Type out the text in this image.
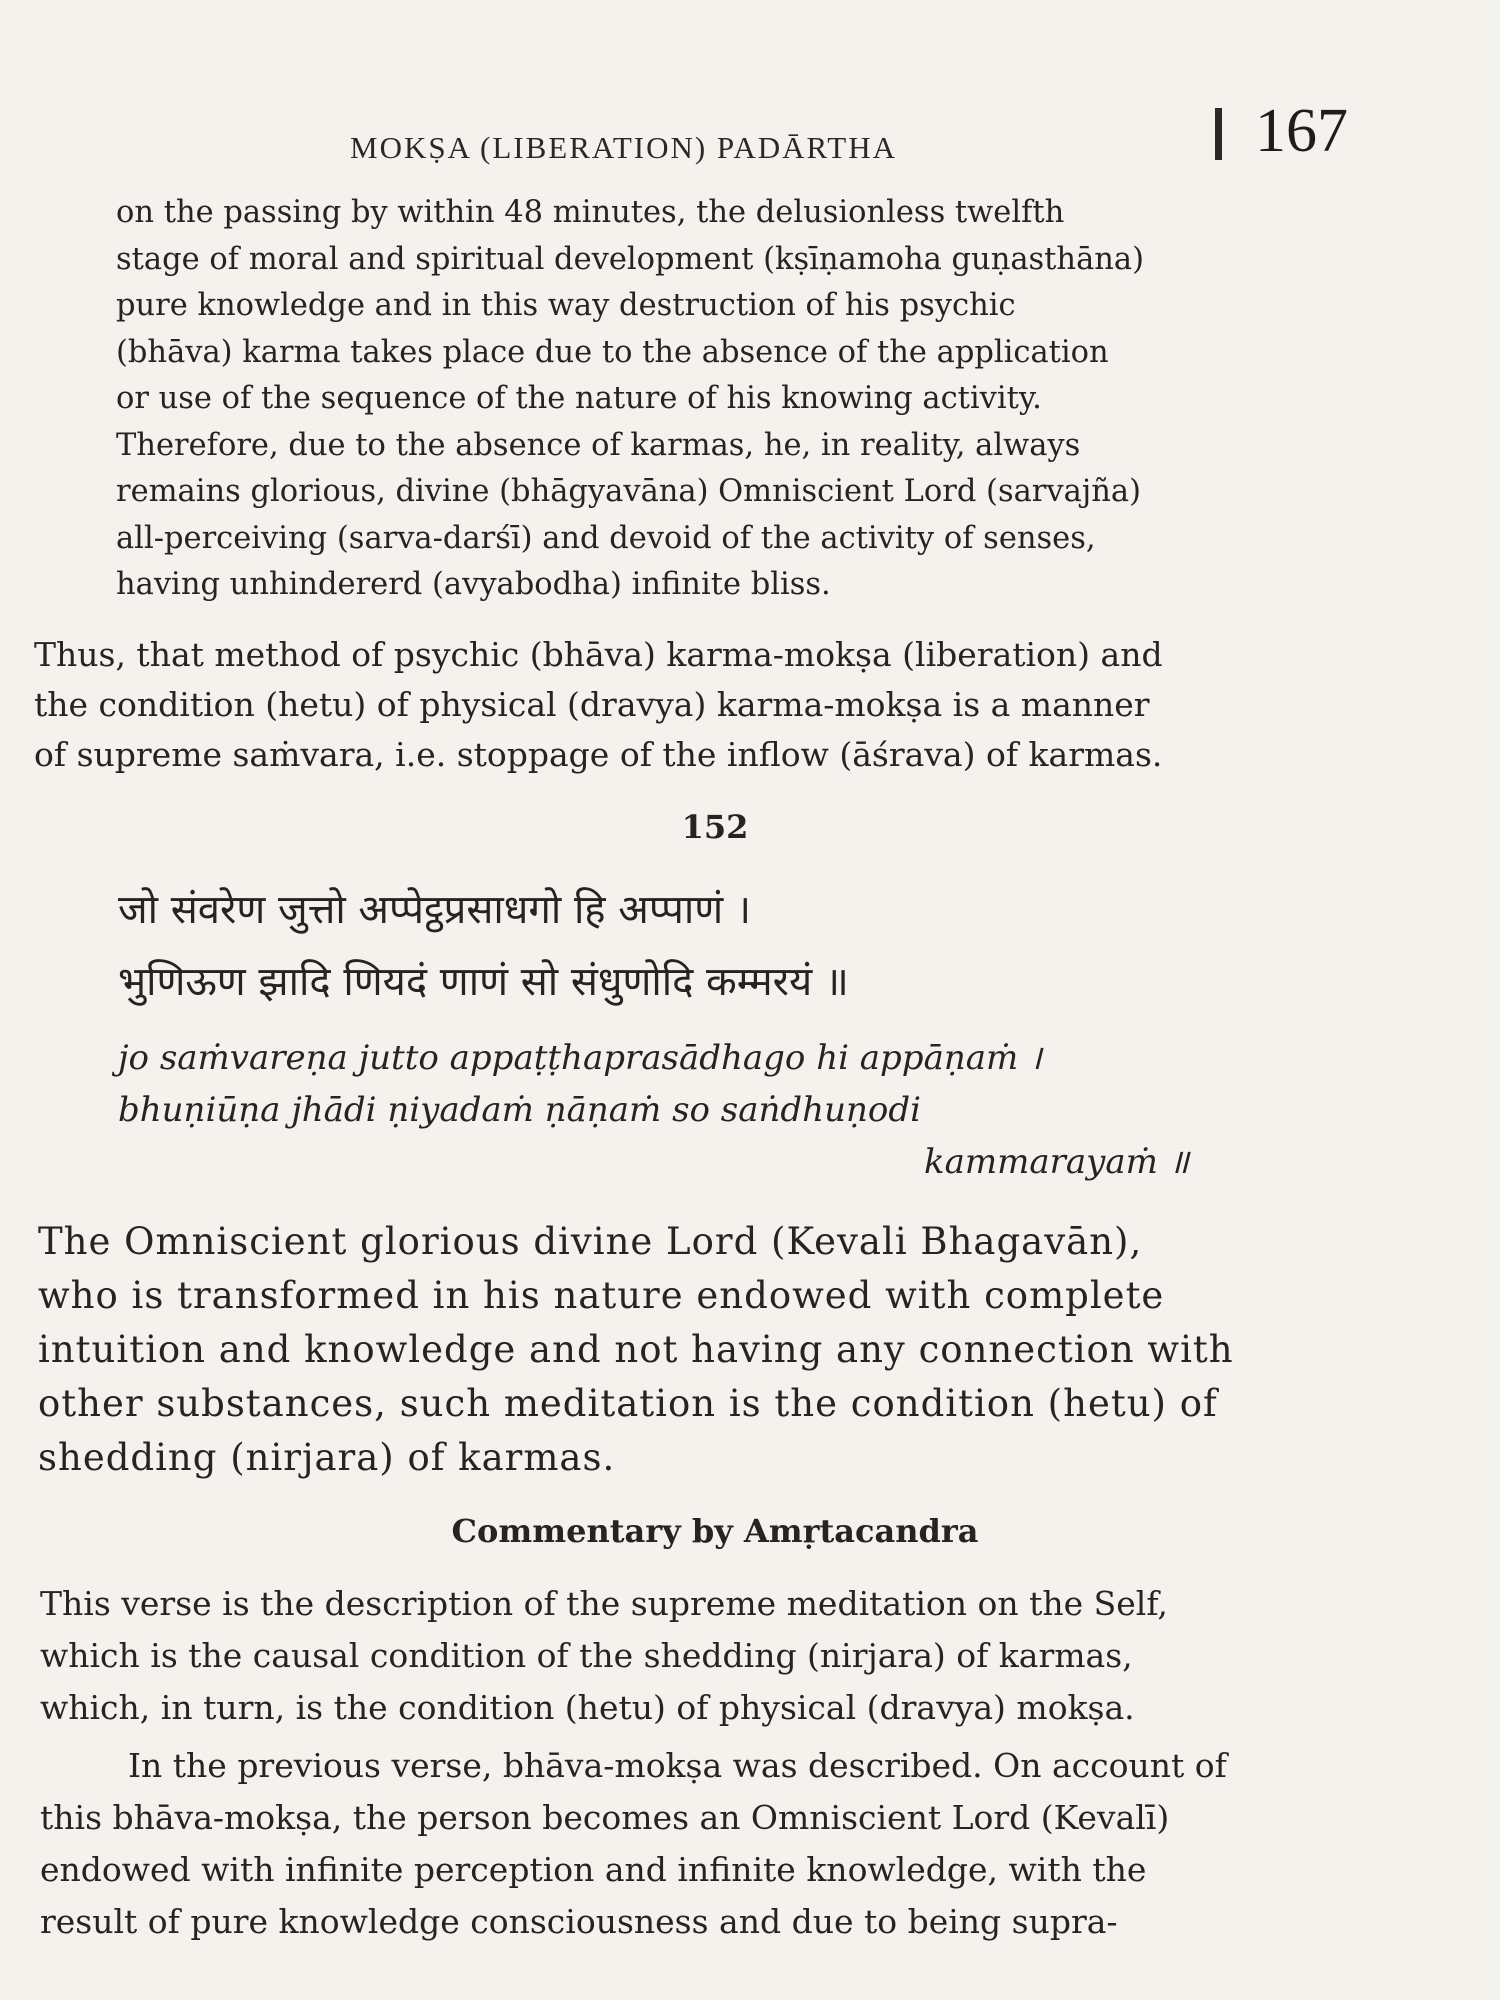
MOKṢA (LIBERATION) PADĀRTHA	167
on the passing by within 48 minutes, the delusionless twelfth
stage of moral and spiritual development (kṣīṇamoha guṇasthāna)
pure knowledge and in this way destruction of his psychic
(bhāva) karma takes place due to the absence of the application
or use of the sequence of the nature of his knowing activity.
Therefore, due to the absence of karmas, he, in reality, always
remains glorious, divine (bhāgyavāna) Omniscient Lord (sarvajña)
all-perceiving (sarva-darśī) and devoid of the activity of senses,
having unhindererd (avyabodha) infinite bliss.
Thus, that method of psychic (bhāva) karma-mokṣa (liberation) and
the condition (hetu) of physical (dravya) karma-mokṣa is a manner
of supreme saṁvara, i.e. stoppage of the inflow (āśrava) of karmas.
152
जो संवरेण जुत्तो अप्पेट्ठप्रसाधगो हि अप्पाणं ।
भुणिऊण झादि णियदं णाणं सो संधुणोदि कम्मरयं ॥
jo saṁvareṇa jutto appaṭṭhaprasādhago hi appāṇaṁ ।
bhuṇiūṇa jhādi ṇiyadaṁ ṇāṇaṁ so saṅdhuṇodi
kammarayaṁ ॥
The Omniscient glorious divine Lord (Kevali Bhagavān),
who is transformed in his nature endowed with complete
intuition and knowledge and not having any connection with
other substances, such meditation is the condition (hetu) of
shedding (nirjara) of karmas.
Commentary by Amṛtacandra
This verse is the description of the supreme meditation on the Self,
which is the causal condition of the shedding (nirjara) of karmas,
which, in turn, is the condition (hetu) of physical (dravya) mokṣa.
In the previous verse, bhāva-mokṣa was described. On account of
this bhāva-mokṣa, the person becomes an Omniscient Lord (Kevalī)
endowed with infinite perception and infinite knowledge, with the
result of pure knowledge consciousness and due to being supra-
